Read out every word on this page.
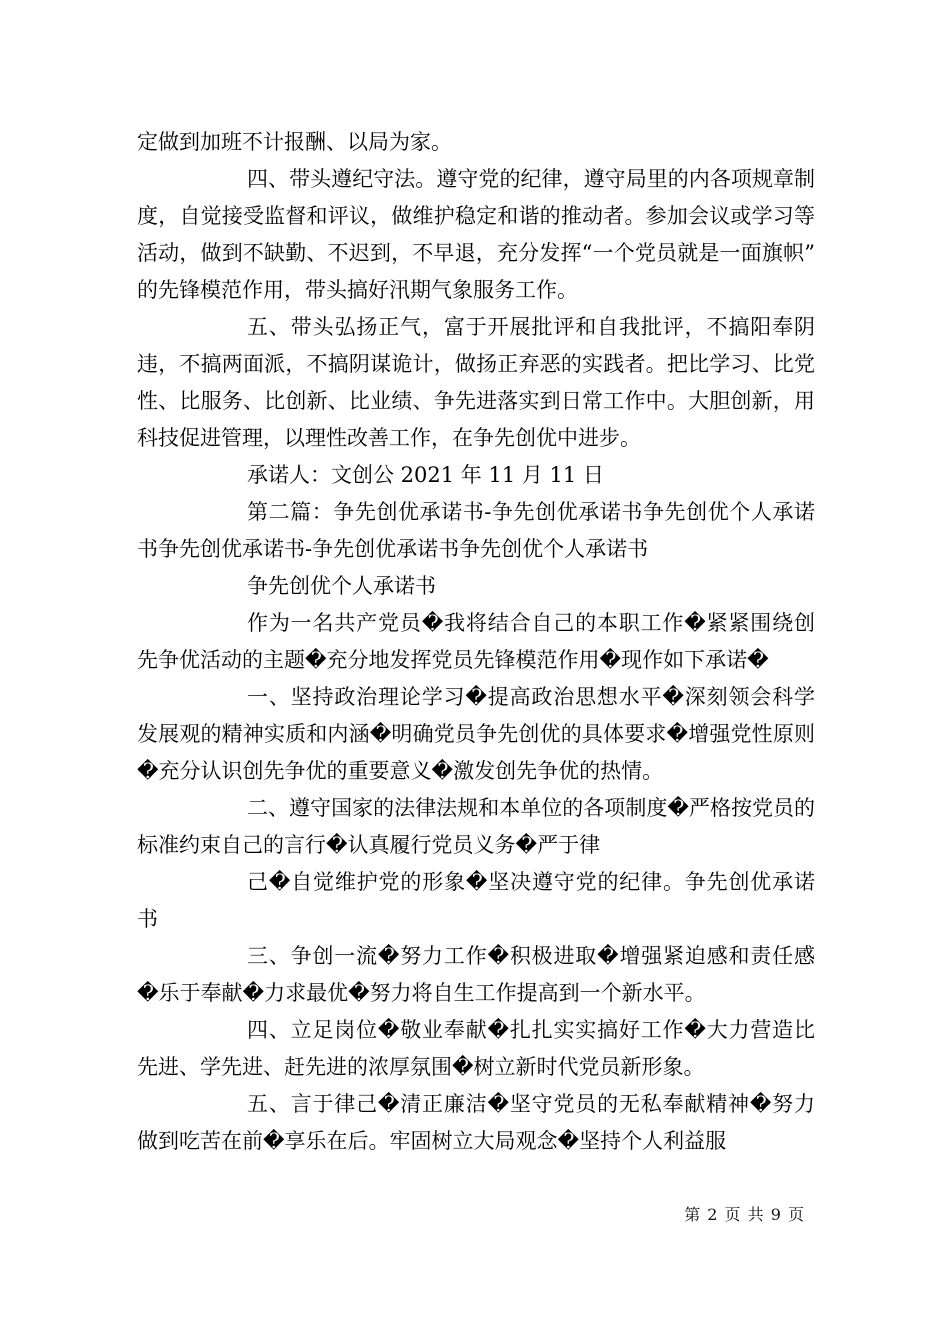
定做到加班不计报酬、以局为家。

四、带头遵纪守法。遵守党的纪律，遵守局里的内各项规章制度，自觉接受监督和评议，做维护稳定和谐的推动者。参加会议或学习等活动，做到不缺勤、不迟到，不早退，充分发挥“一个党员就是一面旗帜”的先锋模范作用，带头搞好汛期气象服务工作。

五、带头弘扬正气，富于开展批评和自我批评，不搞阳奉阴违，不搞两面派，不搞阴谋诡计，做扬正弃恶的实践者。把比学习、比党性、比服务、比创新、比业绩、争先进落实到日常工作中。大胆创新，用科技促进管理，以理性改善工作，在争先创优中进步。

承诺人：文创公 2021 年 11 月 11 日

第二篇：争先创优承诺书-争先创优承诺书争先创优个人承诺书争先创优承诺书-争先创优承诺书争先创优个人承诺书

争先创优个人承诺书

作为一名共产党员�我将结合自己的本职工作�紧紧围绕创先争优活动的主题�充分地发挥党员先锋模范作用�现作如下承诺�

一、坚持政治理论学习�提高政治思想水平�深刻领会科学发展观的精神实质和内涵�明确党员争先创优的具体要求�增强党性原则�充分认识创先争优的重要意义�激发创先争优的热情。

二、遵守国家的法律法规和本单位的各项制度�严格按党员的标准约束自己的言行�认真履行党员义务�严于律

己�自觉维护党的形象�坚决遵守党的纪律。争先创优承诺书

三、争创一流�努力工作�积极进取�增强紧迫感和责任感�乐于奉献�力求最优�努力将自生工作提高到一个新水平。

四、立足岗位�敬业奉献�扎扎实实搞好工作�大力营造比先进、学先进、赶先进的浓厚氛围�树立新时代党员新形象。

五、言于律己�清正廉洁�坚守党员的无私奉献精神�努力做到吃苦在前�享乐在后。牢固树立大局观念�坚持个人利益服

第 2 页 共 9 页
